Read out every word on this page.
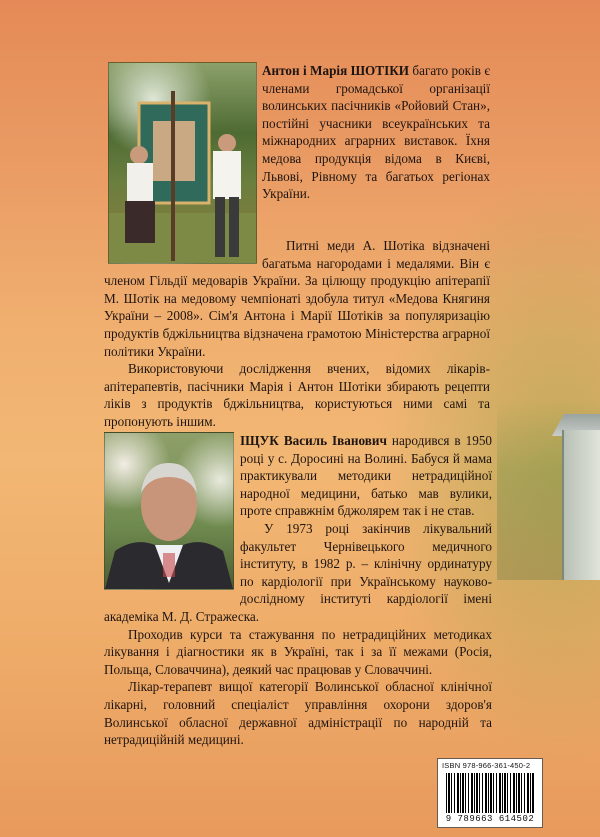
Антон і Марія ШОТІКИ багато років є членами громадської організації волинських пасічників «Ройовий Стан», постійні учасники всеукраїнських та міжнародних аграрних виставок. Їхня медова продукція відома в Києві, Львові, Рівному та багатьох регіонах України.

Питні меди А. Шотіка відзначені багатьма нагородами і медалями. Він є членом Гільдії медоварів України. За цілющу продукцію апітерапії М. Шотік на медовому чемпіонаті здобула титул «Медова Княгиня України – 2008». Сім'я Антона і Марії Шотіків за популяризацію продуктів бджільництва відзначена грамотою Міністерства аграрної політики України.

Використовуючи дослідження вчених, відомих лікарів-апітерапевтів, пасічники Марія і Антон Шотіки збирають рецепти ліків з продуктів бджільництва, користуються ними самі та пропонують іншим.

ІЩУК Василь Іванович народився в 1950 році у с. Доросині на Волині. Бабуся й мама практикували методики нетрадиційної народної медицини, батько мав вулики, проте справжнім бджолярем так і не став.

У 1973 році закінчив лікувальний факультет Чернівецького медичного інституту, в 1982 р. – клінічну ординатуру по кардіології при Українському науково-дослідному інституті кардіології імені академіка М. Д. Стражеска.

Проходив курси та стажування по нетрадиційних методиках лікування і діагностики як в Україні, так і за її межами (Росія, Польща, Словаччина), деякий час працював у Словаччині.

Лікар-терапевт вищої категорії Волинської обласної клінічної лікарні, головний спеціаліст управління охорони здоров'я Волинської обласної державної адміністрації по народній та нетрадиційній медицині.

ISBN 978-966-361-450-2
9 789663 614502
